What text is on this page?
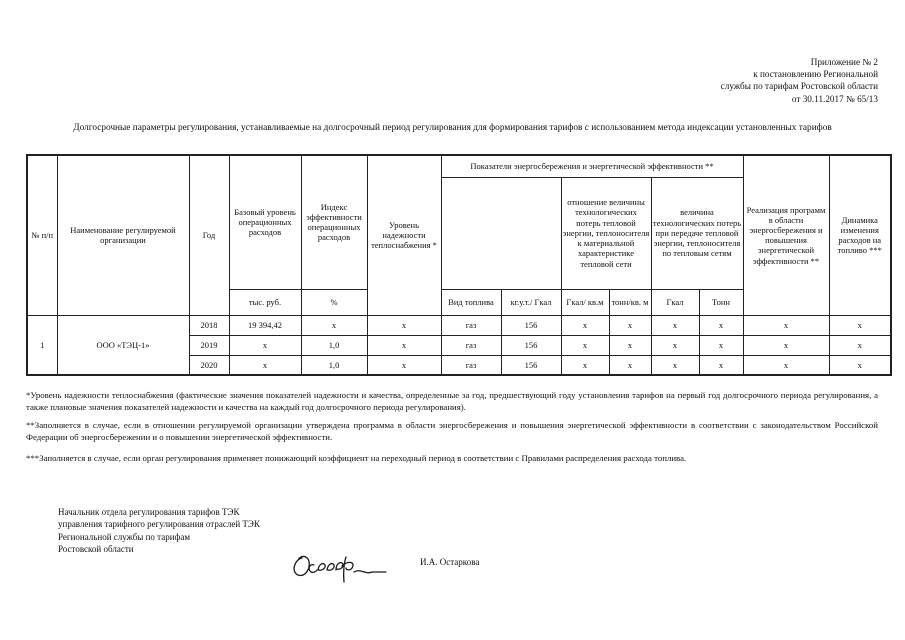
Приложение № 2
к постановлению Региональной
службы по тарифам Ростовской области
от 30.11.2017 № 65/13
Долгосрочные параметры регулирования, устанавливаемые на долгосрочный период регулирования для формирования тарифов с использованием метода индексации установленных тарифов
№ п/п	Наименование регулируемой организации	Год	Базовый уровень операционных расходов	Индекс эффективности операционных расходов	Уровень надежности теплоснабжения *	Показатели энергосбережения и энергетической эффективности **						Реализация программ в области энергосбережения и повышения энергетической эффективности **	Динамика изменения расходов на топливо ***
								отношение величины технологических потерь тепловой энергии, теплоносителя к материальной характеристике тепловой сети		величина технологических потерь при передаче тепловой энергии, теплоносителя по тепловым сетям			
			тыс. руб.	%		Вид топлива	кг.у.т./ Гкал	Гкал/ кв.м	тонн/кв. м	Гкал	Тонн		
1	ООО «ТЭЦ-1»	2018	19 394,42	х	х	газ	156	х	х	х	х	х	х
		2019	х	1,0	х	газ	156	х	х	х	х	х	х
		2020	х	1,0	х	газ	156	х	х	х	х	х	х
*Уровень надежности теплоснабжения (фактические значения показателей надежности и качества, определенные за год, предшествующий году установления тарифов на первый год долгосрочного периода регулирования, а также плановые значения показателей надежности и качества на каждый год долгосрочного периода регулирования).
**Заполняется в случае, если в отношении регулируемой организации утверждена программа в области энергосбережения и повышения энергетической эффективности в соответствии с законодательством Российской Федерации об энергосбережении и о повышении энергетической эффективности.
***Заполняется в случае, если орган регулирования применяет понижающий коэффициент на переходный период в соответствии с Правилами распределения расхода топлива.
Начальник отдела регулирования тарифов ТЭК
управления тарифного регулирования отраслей ТЭК
Региональной службы по тарифам
Ростовской области
И.А. Остаркова
